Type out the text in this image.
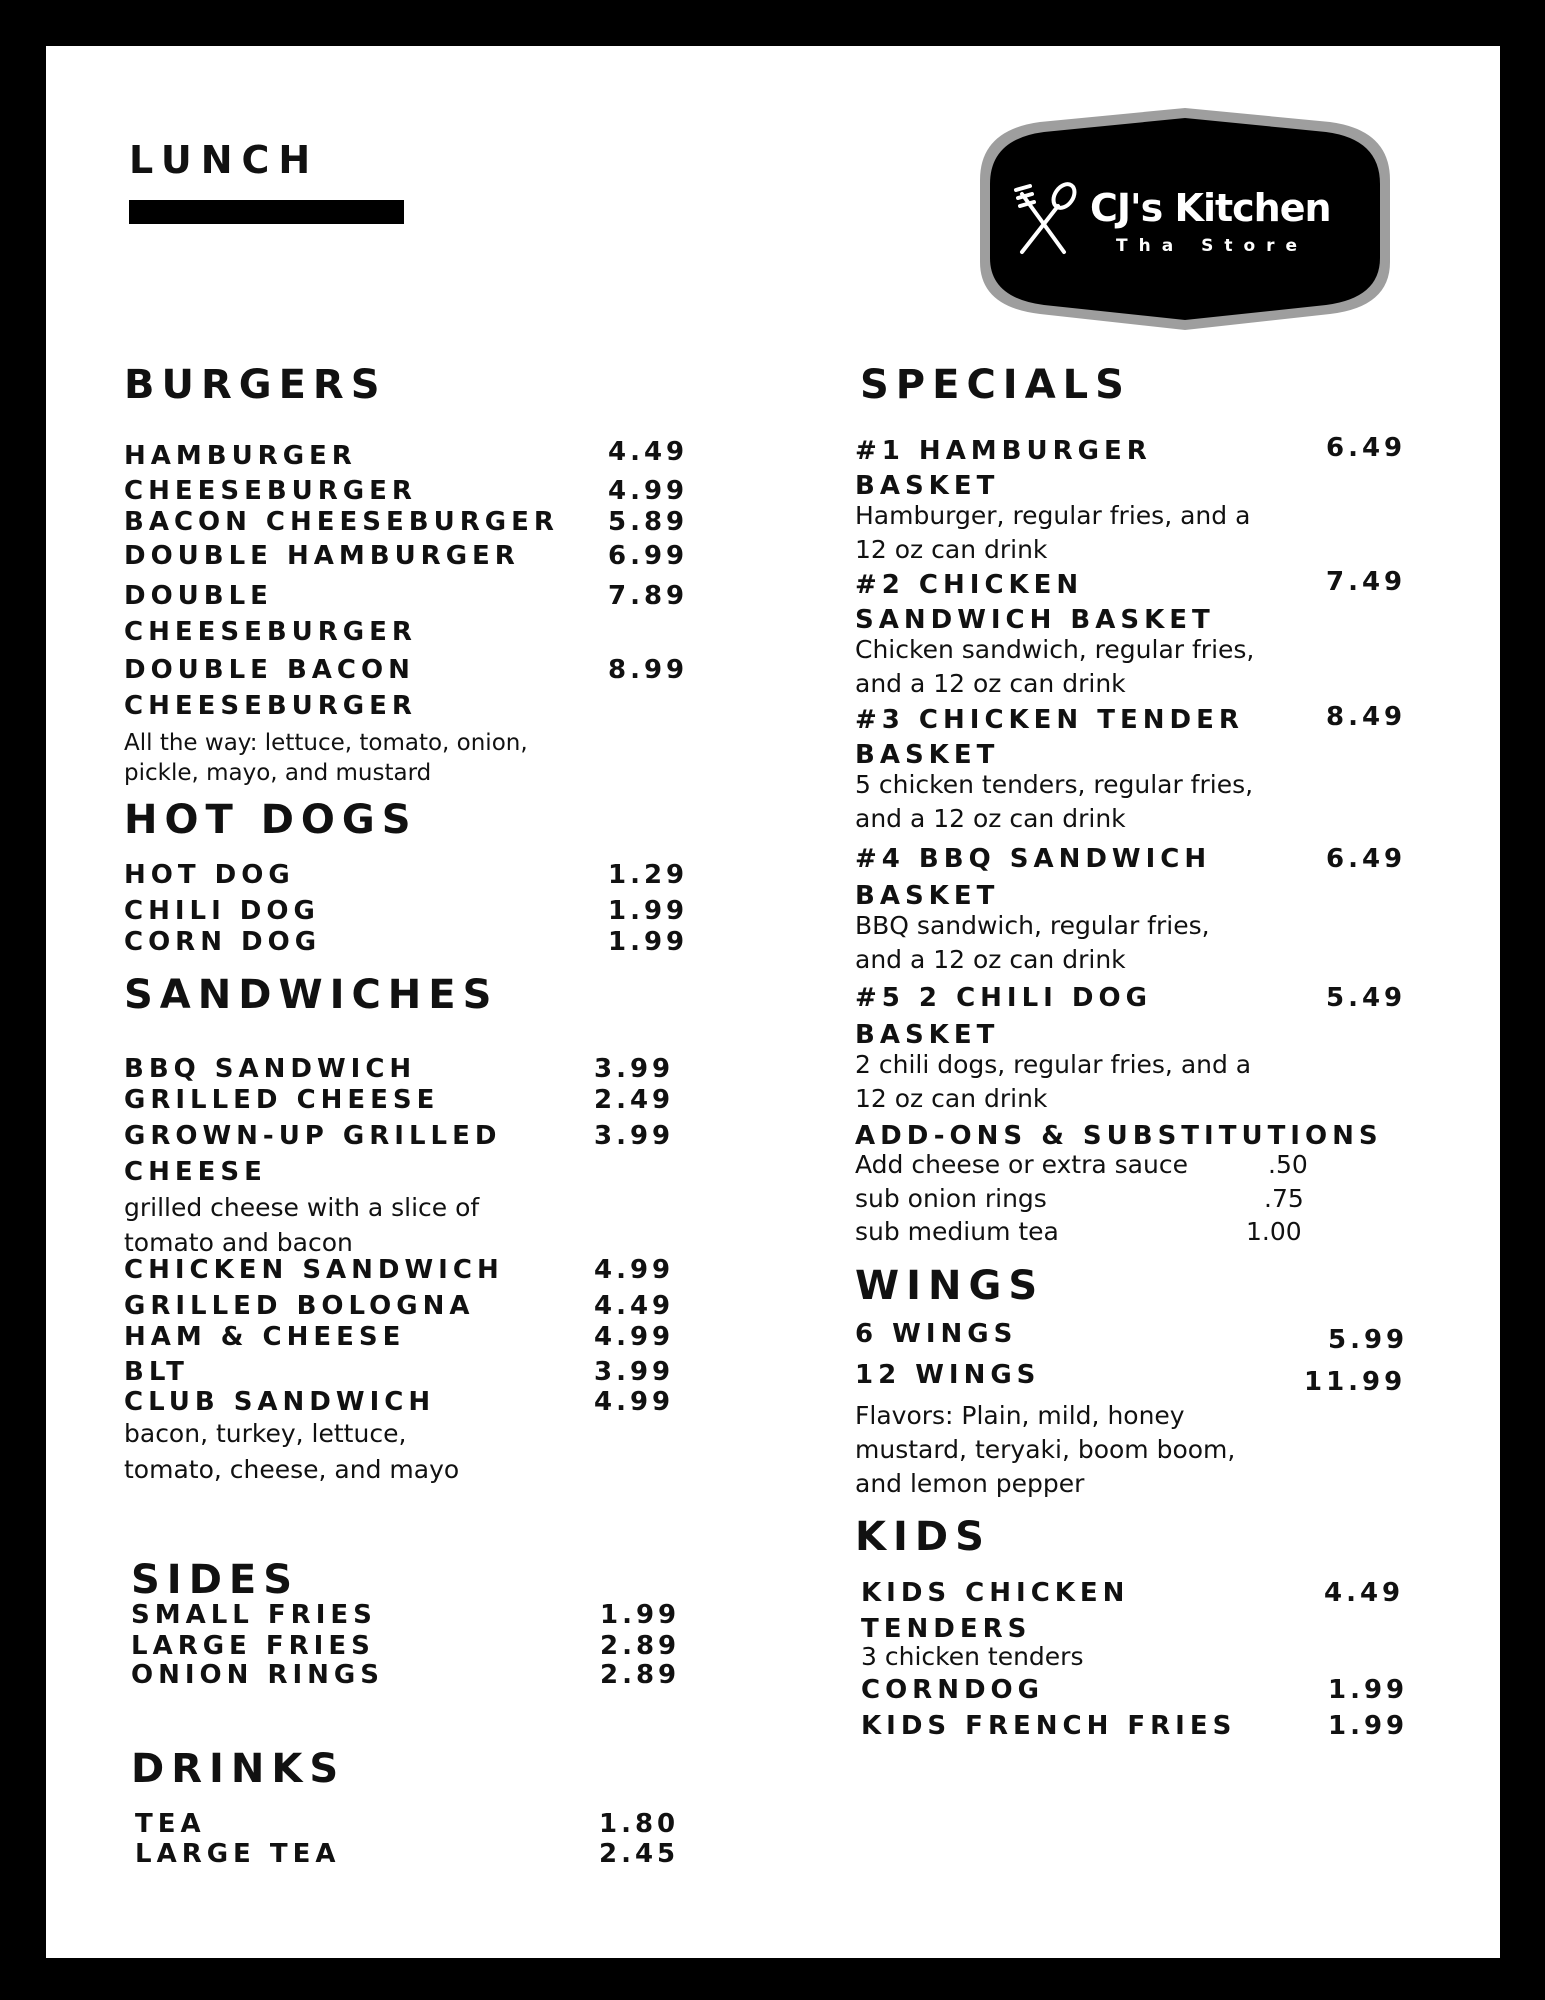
LUNCH
CJ's Kitchen
Tha Store
BURGERS
HAMBURGER	4.49
CHEESEBURGER	4.99
BACON CHEESEBURGER 5.89
DOUBLE HAMBURGER	6.99
DOUBLE	7.89
CHEESEBURGER
DOUBLE BACON	8.99
CHEESEBURGER
All the way: lettuce, tomato, onion,
pickle, mayo, and mustard
HOT DOGS
HOT DOG	1.29
CHILI DOG	1.99
CORN DOG	1.99
SANDWICHES
BBQ SANDWICH	3.99
GRILLED CHEESE	2.49
GROWN-UP GRILLED	3.99
CHEESE
grilled cheese with a slice of
tomato and bacon
CHICKEN SANDWICH	4.99
GRILLED BOLOGNA	4.49
HAM & CHEESE	4.99
BLT	3.99
CLUB SANDWICH	4.99
bacon, turkey, lettuce,
tomato, cheese, and mayo
SIDES
SMALL FRIES	1.99
LARGE FRIES	2.89
ONION RINGS	2.89
DRINKS
TEA	1.80
LARGE TEA	2.45
SPECIALS
#1 HAMBURGER	6.49
BASKET
Hamburger, regular fries, and a
12 oz can drink
#2 CHICKEN	7.49
SANDWICH BASKET
Chicken sandwich, regular fries,
and a 12 oz can drink
#3 CHICKEN TENDER	8.49
BASKET
5 chicken tenders, regular fries,
and a 12 oz can drink
#4 BBQ SANDWICH	6.49
BASKET
BBQ sandwich, regular fries,
and a 12 oz can drink
#5 2 CHILI DOG	5.49
BASKET
2 chili dogs, regular fries, and a
12 oz can drink
ADD-ONS & SUBSTITUTIONS
Add cheese or extra sauce	.50
sub onion rings	.75
sub medium tea	1.00
WINGS
6 WINGS	5.99
12 WINGS	11.99
Flavors: Plain, mild, honey
mustard, teryaki, boom boom,
and lemon pepper
KIDS
KIDS CHICKEN	4.49
TENDERS
3 chicken tenders
CORNDOG	1.99
KIDS FRENCH FRIES	1.99
